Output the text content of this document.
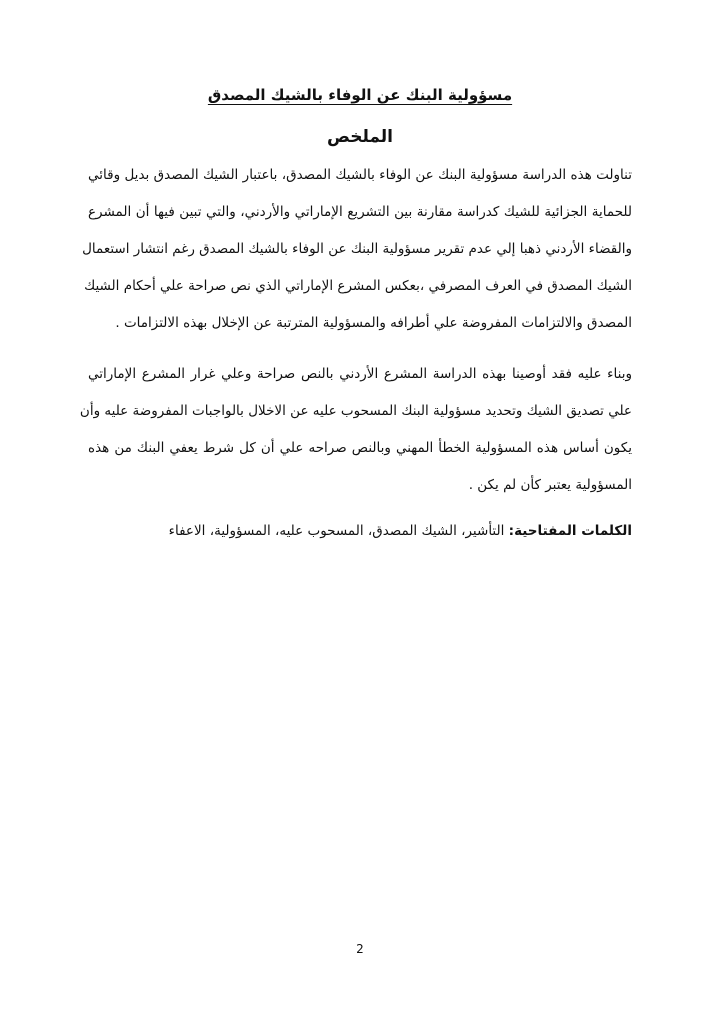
مسؤولية البنك عن الوفاء بالشيك المصدق
الملخص
تناولت هذه الدراسة مسؤولية البنك عن الوفاء بالشيك المصدق، باعتبار الشيك المصدق بديل وقائي
للحماية الجزائية للشيك كدراسة مقارنة بين التشريع الإماراتي والأردني، والتي تبين فيها أن المشرع
والقضاء الأردني ذهبا إلي عدم تقرير مسؤولية البنك عن الوفاء بالشيك المصدق رغم انتشار استعمال
الشيك المصدق في العرف المصرفي ،بعكس المشرع الإماراتي الذي نص صراحة علي أحكام الشيك
المصدق والالتزامات المفروضة علي أطرافه والمسؤولية المترتبة عن الإخلال بهذه الالتزامات .
وبناء عليه فقد أوصينا بهذه الدراسة المشرع الأردني بالنص صراحة وعلي غرار المشرع الإماراتي
علي تصديق الشيك وتحديد مسؤولية البنك المسحوب عليه عن الاخلال بالواجبات المفروضة عليه وأن
يكون أساس هذه المسؤولية الخطأ المهني وبالنص صراحه علي أن كل شرط يعفي البنك من هذه
المسؤولية يعتبر كأن لم يكن .
الكلمات المفتاحية: التأشير، الشيك المصدق، المسحوب عليه، المسؤولية، الاعفاء
2
